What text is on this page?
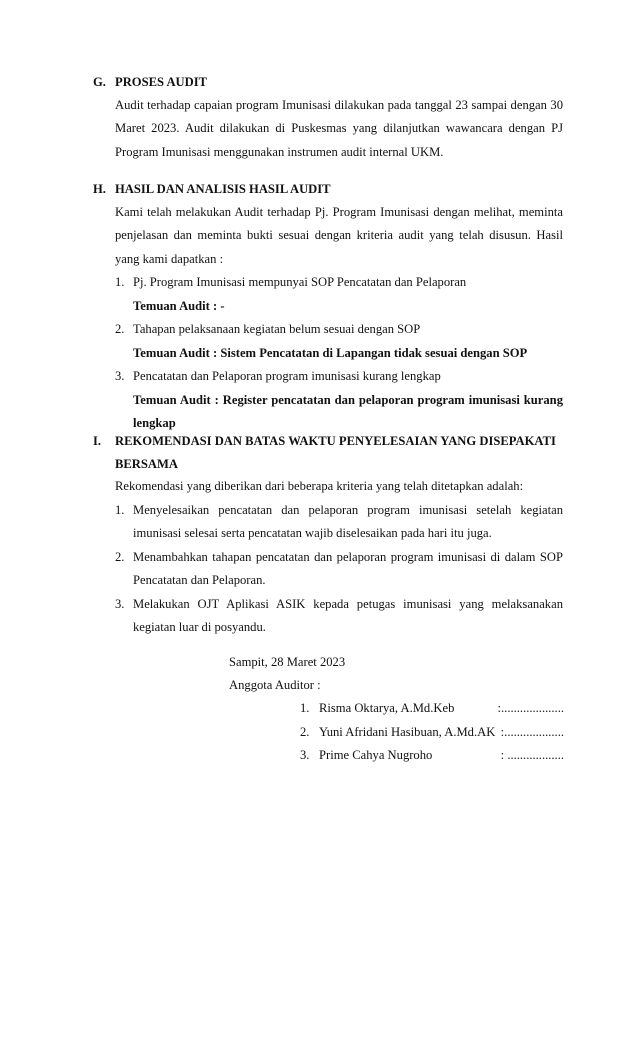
G. PROSES AUDIT

Audit terhadap capaian program Imunisasi dilakukan pada tanggal 23 sampai dengan 30 Maret 2023. Audit dilakukan di Puskesmas yang dilanjutkan wawancara dengan PJ Program Imunisasi menggunakan instrumen audit internal UKM.

H. HASIL DAN ANALISIS HASIL AUDIT

Kami telah melakukan Audit terhadap Pj. Program Imunisasi dengan melihat, meminta penjelasan dan meminta bukti sesuai dengan kriteria audit yang telah disusun. Hasil yang kami dapatkan :

1. Pj. Program Imunisasi mempunyai SOP Pencatatan dan Pelaporan
Temuan Audit : -
2. Tahapan pelaksanaan kegiatan belum sesuai dengan SOP
Temuan Audit : Sistem Pencatatan di Lapangan tidak sesuai dengan SOP
3. Pencatatan dan Pelaporan program imunisasi kurang lengkap
Temuan Audit : Register pencatatan dan pelaporan program imunisasi kurang lengkap
I. REKOMENDASI DAN BATAS WAKTU PENYELESAIAN YANG DISEPAKATI BERSAMA

Rekomendasi yang diberikan dari beberapa kriteria yang telah ditetapkan adalah:

1. Menyelesaikan pencatatan dan pelaporan program imunisasi setelah kegiatan imunisasi selesai serta pencatatan wajib diselesaikan pada hari itu juga.
2. Menambahkan tahapan pencatatan dan pelaporan program imunisasi di dalam SOP Pencatatan dan Pelaporan.
3. Melakukan OJT Aplikasi ASIK kepada petugas imunisasi yang melaksanakan kegiatan luar di posyandu.
Sampit, 28 Maret 2023
Anggota Auditor :
1. Risma Oktarya, A.Md.Keb	:....................
2. Yuni Afridani Hasibuan, A.Md.AK :...................
3. Prime Cahya Nugroho	: ..................
